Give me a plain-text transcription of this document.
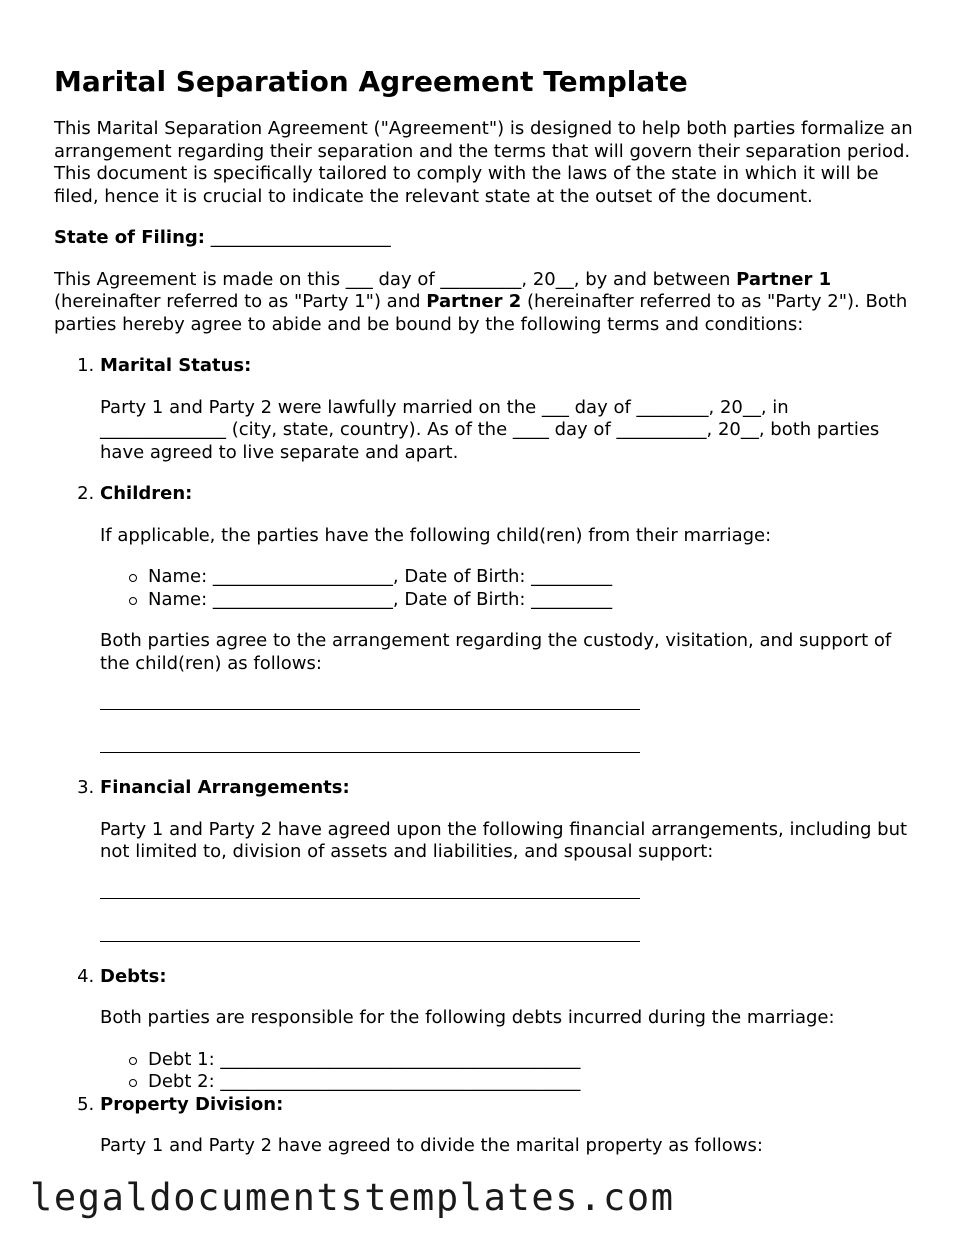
Marital Separation Agreement Template

This Marital Separation Agreement ("Agreement") is designed to help both parties formalize an arrangement regarding their separation and the terms that will govern their separation period. This document is specifically tailored to comply with the laws of the state in which it will be filed, hence it is crucial to indicate the relevant state at the outset of the document.

State of Filing: ____________________

This Agreement is made on this ___ day of _________, 20__, by and between Partner 1 (hereinafter referred to as "Party 1") and Partner 2 (hereinafter referred to as "Party 2"). Both parties hereby agree to abide and be bound by the following terms and conditions:

1. Marital Status:

Party 1 and Party 2 were lawfully married on the ___ day of ________, 20__, in ______________ (city, state, country). As of the ____ day of __________, 20__, both parties have agreed to live separate and apart.

2. Children:

If applicable, the parties have the following child(ren) from their marriage:

Name: ____________________, Date of Birth: _________
Name: ____________________, Date of Birth: _________

Both parties agree to the arrangement regarding the custody, visitation, and support of the child(ren) as follows:

3. Financial Arrangements:

Party 1 and Party 2 have agreed upon the following financial arrangements, including but not limited to, division of assets and liabilities, and spousal support:

4. Debts:

Both parties are responsible for the following debts incurred during the marriage:

Debt 1: ________________________________________
Debt 2: ________________________________________
5. Property Division:

Party 1 and Party 2 have agreed to divide the marital property as follows:

legaldocumentstemplates.com
